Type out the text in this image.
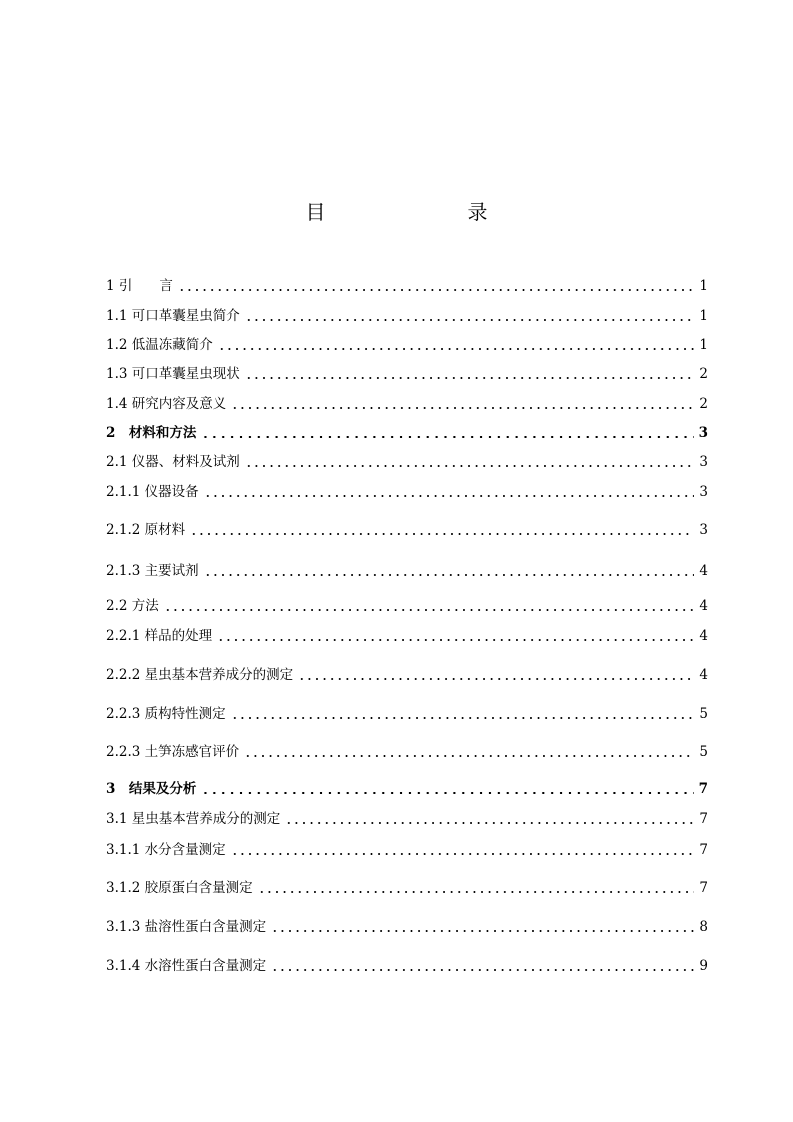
目　　录
1 引　　言	1
1.1 可口革囊星虫简介	1
1.2 低温冻藏简介	1
1.3 可口革囊星虫现状	2
1.4 研究内容及意义	2
2　材料和方法	3
2.1 仪器、材料及试剂	3
2.1.1 仪器设备	3
2.1.2 原材料	3
2.1.3 主要试剂	4
2.2 方法	4
2.2.1 样品的处理	4
2.2.2 星虫基本营养成分的测定	4
2.2.3 质构特性测定	5
2.2.3 土笋冻感官评价	5
3　结果及分析	7
3.1 星虫基本营养成分的测定	7
3.1.1 水分含量测定	7
3.1.2 胶原蛋白含量测定	7
3.1.3 盐溶性蛋白含量测定	8
3.1.4 水溶性蛋白含量测定	9
